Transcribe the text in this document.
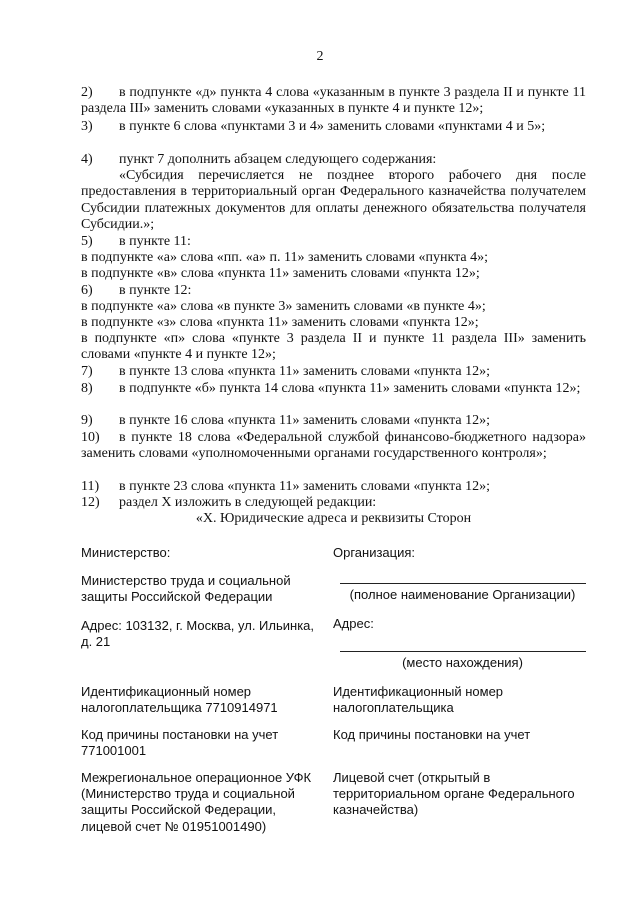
2

2) в подпункте «д» пункта 4 слова «указанным в пункте 3 раздела II и пункте 11 раздела III» заменить словами «указанных в пункте 4 и пункте 12»;

3) в пункте 6 слова «пунктами 3 и 4» заменить словами «пунктами 4 и 5»;

4) пункт 7 дополнить абзацем следующего содержания:

«Субсидия перечисляется не позднее второго рабочего дня после предоставления в территориальный орган Федерального казначейства получателем Субсидии платежных документов для оплаты денежного обязательства получателя Субсидии.»;

5) в пункте 11:

в подпункте «а» слова «пп. «а» п. 11» заменить словами «пункта 4»;

в подпункте «в» слова «пункта 11» заменить словами «пункта 12»;

6) в пункте 12:

в подпункте «а» слова «в пункте 3» заменить словами «в пункте 4»;

в подпункте «з» слова «пункта 11» заменить словами «пункта 12»;

в подпункте «п» слова «пункте 3 раздела II и пункте 11 раздела III» заменить словами «пункте 4 и пункте 12»;

7) в пункте 13 слова «пункта 11» заменить словами «пункта 12»;

8) в подпункте «б» пункта 14 слова «пункта 11» заменить словами «пункта 12»;

9) в пункте 16 слова «пункта 11» заменить словами «пункта 12»;

10) в пункте 18 слова «Федеральной службой финансово-бюджетного надзора» заменить словами «уполномоченными органами государственного контроля»;

11) в пункте 23 слова «пункта 11» заменить словами «пункта 12»;

12) раздел X изложить в следующей редакции:

«X. Юридические адреса и реквизиты Сторон

Министерство:

Министерство труда и социальной защиты Российской Федерации

Адрес: 103132, г. Москва, ул. Ильинка, д. 21

Идентификационный номер налогоплательщика 7710914971

Код причины постановки на учет 771001001

Межрегиональное операционное УФК (Министерство труда и социальной защиты Российской Федерации, лицевой счет № 01951001490)

Организация:

(полное наименование Организации)

Адрес:

(место нахождения)

Идентификационный номер налогоплательщика

Код причины постановки на учет

Лицевой счет (открытый в территориальном органе Федерального казначейства)
